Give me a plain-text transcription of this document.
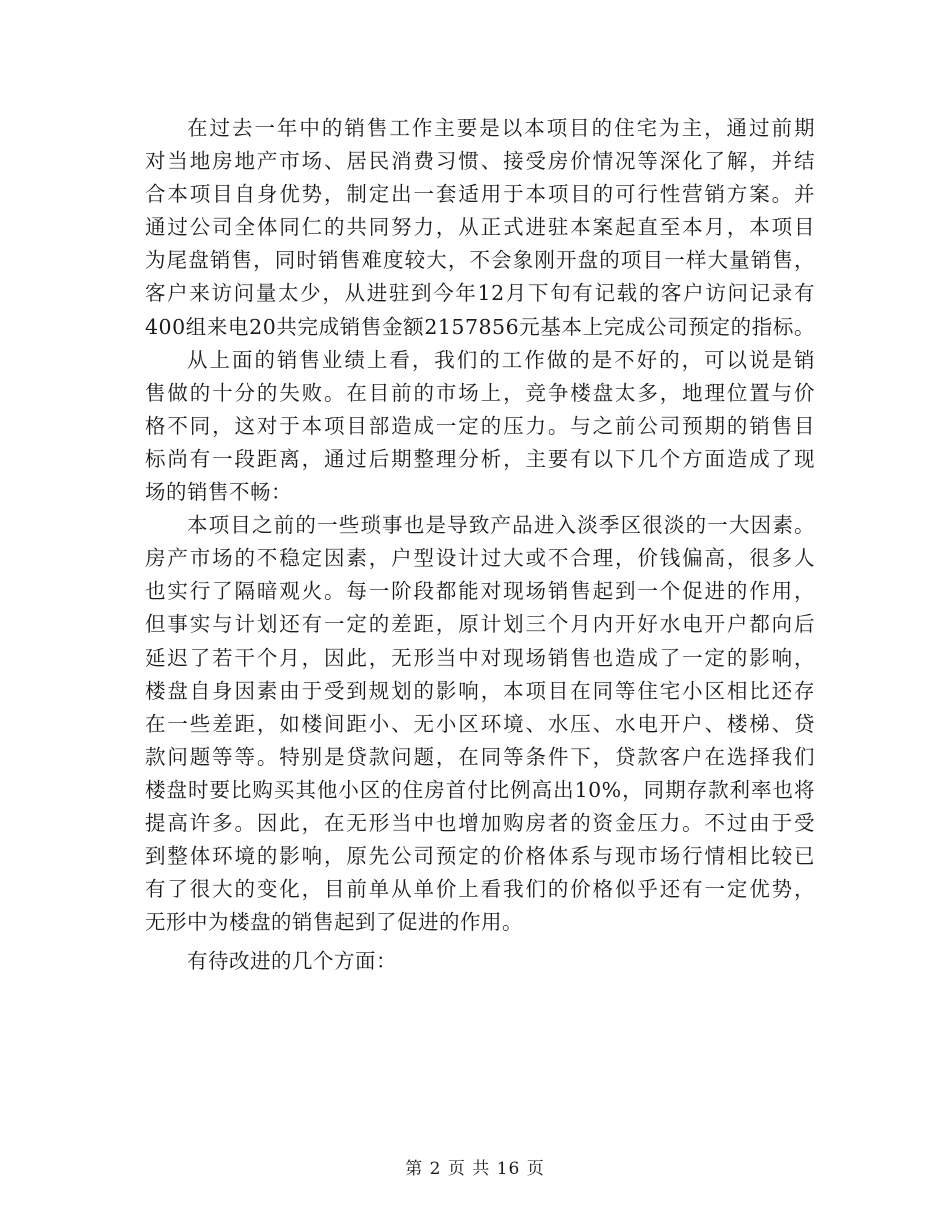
在过去一年中的销售工作主要是以本项目的住宅为主，通过前期
对当地房地产市场、居民消费习惯、接受房价情况等深化了解，并结
合本项目自身优势，制定出一套适用于本项目的可行性营销方案。并
通过公司全体同仁的共同努力，从正式进驻本案起直至本月，本项目
为尾盘销售，同时销售难度较大，不会象刚开盘的项目一样大量销售，
客户来访问量太少，从进驻到今年12月下旬有记载的客户访问记录有
400组来电20共完成销售金额2157856元基本上完成公司预定的指标。
从上面的销售业绩上看，我们的工作做的是不好的，可以说是销
售做的十分的失败。在目前的市场上，竞争楼盘太多，地理位置与价
格不同，这对于本项目部造成一定的压力。与之前公司预期的销售目
标尚有一段距离，通过后期整理分析，主要有以下几个方面造成了现
场的销售不畅：
本项目之前的一些琐事也是导致产品进入淡季区很淡的一大因素。
房产市场的不稳定因素，户型设计过大或不合理，价钱偏高，很多人
也实行了隔暗观火。每一阶段都能对现场销售起到一个促进的作用，
但事实与计划还有一定的差距，原计划三个月内开好水电开户都向后
延迟了若干个月，因此，无形当中对现场销售也造成了一定的影响，
楼盘自身因素由于受到规划的影响，本项目在同等住宅小区相比还存
在一些差距，如楼间距小、无小区环境、水压、水电开户、楼梯、贷
款问题等等。特别是贷款问题，在同等条件下，贷款客户在选择我们
楼盘时要比购买其他小区的住房首付比例高出10%，同期存款利率也将
提高许多。因此，在无形当中也增加购房者的资金压力。不过由于受
到整体环境的影响，原先公司预定的价格体系与现市场行情相比较已
有了很大的变化，目前单从单价上看我们的价格似乎还有一定优势，
无形中为楼盘的销售起到了促进的作用。
有待改进的几个方面：
第 2 页 共 16 页
